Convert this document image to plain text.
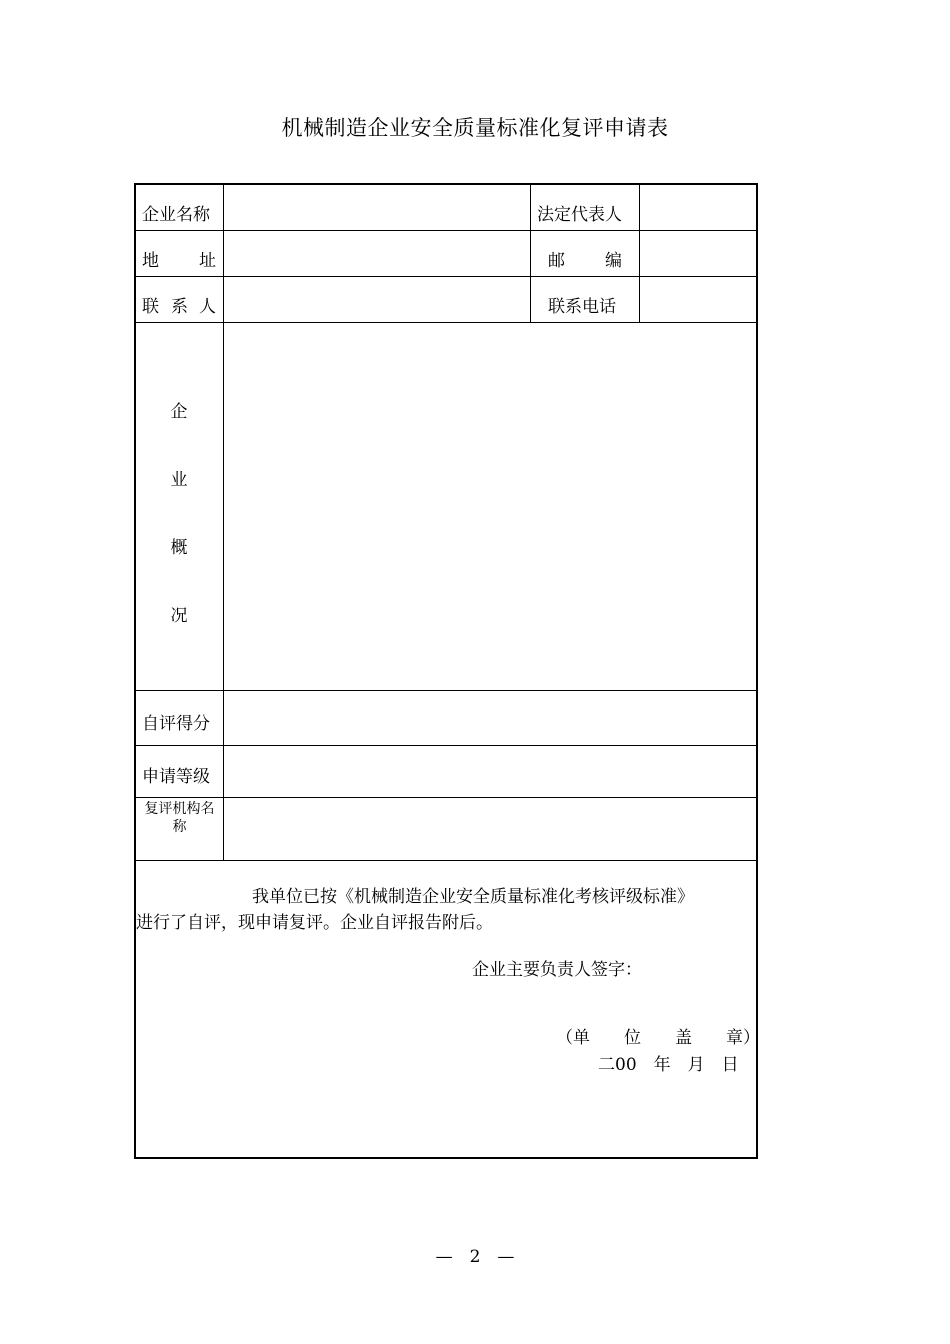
机械制造企业安全质量标准化复评申请表
企业名称	法定代表人
地 址	邮 编
联 系 人	联系电话
企
业
概
况
自评得分
申请等级
复评机构名
称
我单位已按《机械制造企业安全质量标准化考核评级标准》
进行了自评，现申请复评。企业自评报告附后。
企业主要负责人签字：
（单　　位　　盖　　章）
二00　年　月　日
—　2　—
